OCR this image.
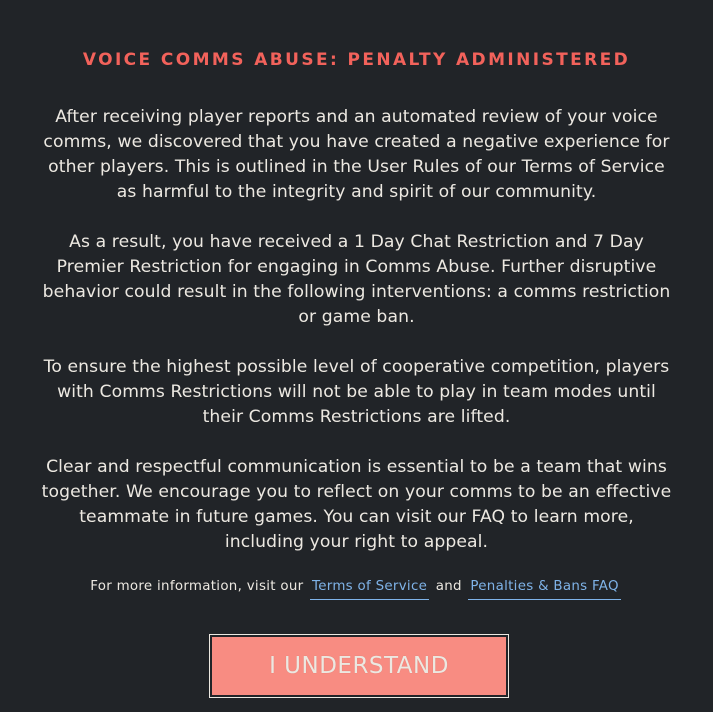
VOICE COMMS ABUSE: PENALTY ADMINISTERED
After receiving player reports and an automated review of your voice comms, we discovered that you have created a negative experience for other players. This is outlined in the User Rules of our Terms of Service as harmful to the integrity and spirit of our community.
As a result, you have received a 1 Day Chat Restriction and 7 Day Premier Restriction for engaging in Comms Abuse. Further disruptive behavior could result in the following interventions: a comms restriction or game ban.
To ensure the highest possible level of cooperative competition, players with Comms Restrictions will not be able to play in team modes until their Comms Restrictions are lifted.
Clear and respectful communication is essential to be a team that wins together. We encourage you to reflect on your comms to be an effective teammate in future games. You can visit our FAQ to learn more, including your right to appeal.
For more information, visit our Terms of Service and Penalties & Bans FAQ
I UNDERSTAND
